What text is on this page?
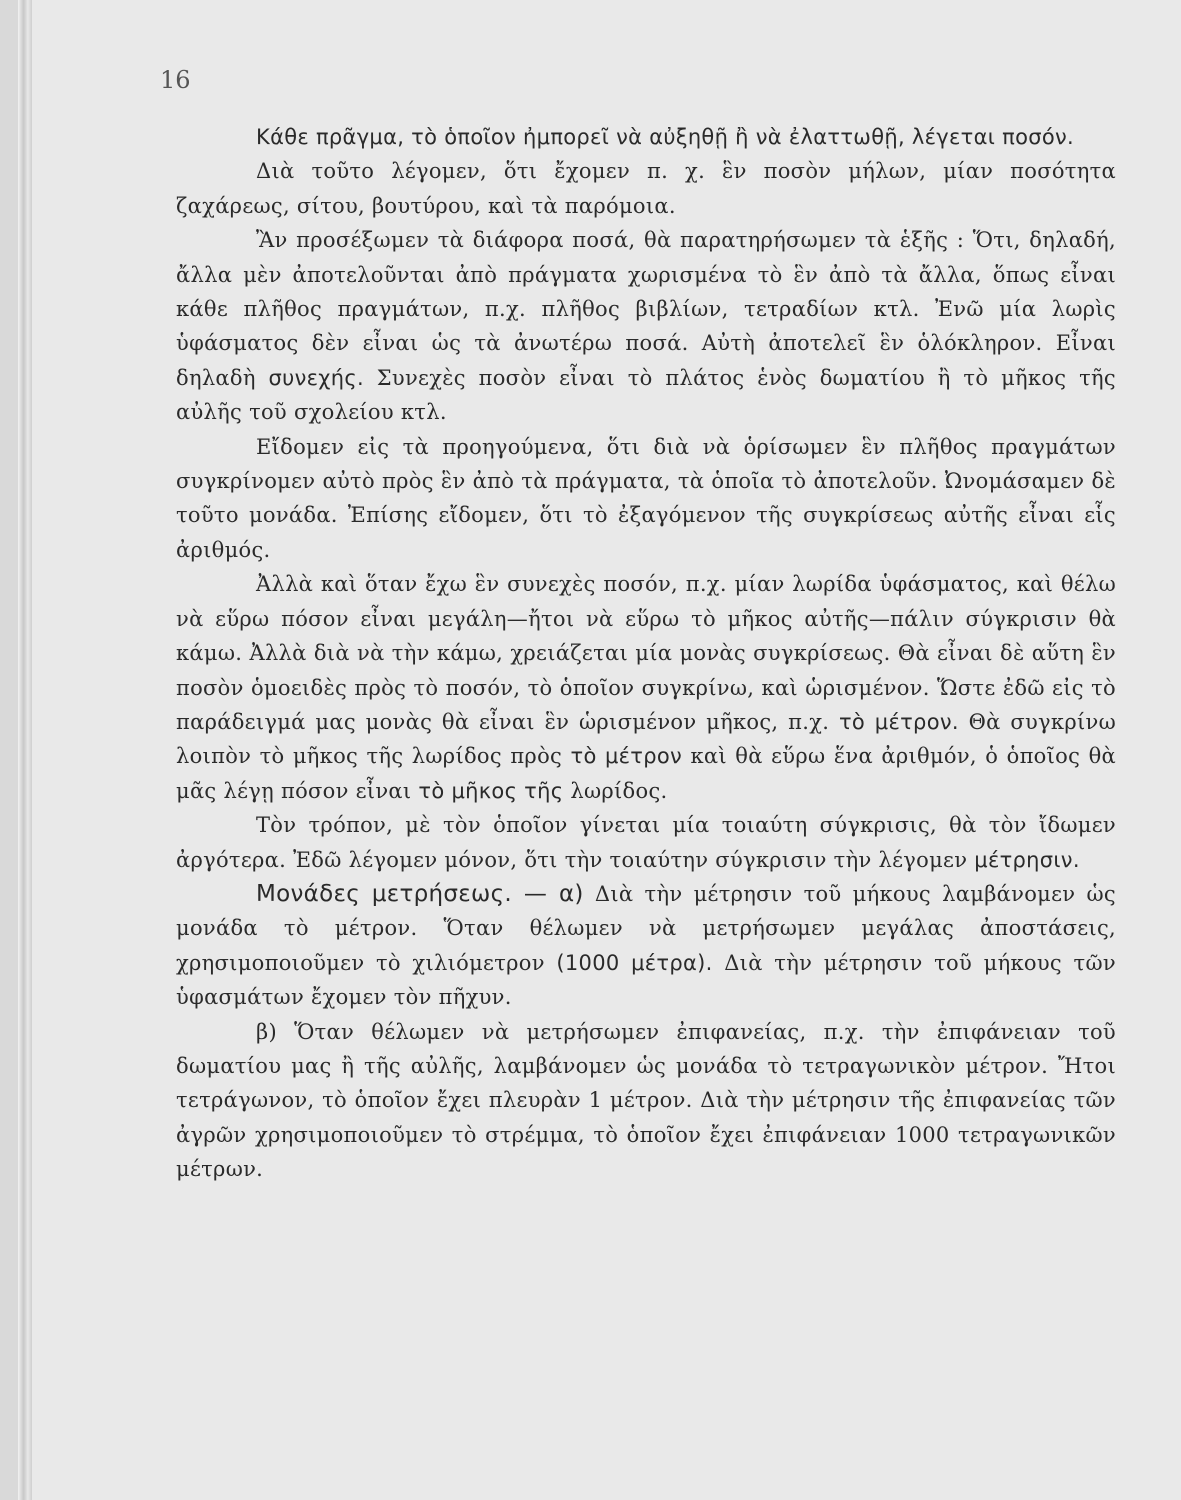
16

Κάθε πρᾶγμα, τὸ ὁποῖον ἠμπορεῖ νὰ αὐξηθῇ ἢ νὰ ἐλαττωθῇ, λέγεται ποσόν.

Διὰ τοῦτο λέγομεν, ὅτι ἔχομεν π. χ. ἓν ποσὸν μήλων, μίαν ποσότητα ζαχάρεως, σίτου, βουτύρου, καὶ τὰ παρόμοια.

Ἂν προσέξωμεν τὰ διάφορα ποσά, θὰ παρατηρήσωμεν τὰ ἑξῆς : Ὅτι, δηλαδή, ἄλλα μὲν ἀποτελοῦνται ἀπὸ πράγματα χωρισμένα τὸ ἓν ἀπὸ τὰ ἄλλα, ὅπως εἶναι κάθε πλῆθος πραγμάτων, π.χ. πλῆθος βιβλίων, τετραδίων κτλ. Ἐνῶ μία λωρὶς ὑφάσματος δὲν εἶναι ὡς τὰ ἀνωτέρω ποσά. Αὐτὴ ἀποτελεῖ ἓν ὁλόκληρον. Εἶναι δηλαδὴ συνεχής. Συνεχὲς ποσὸν εἶναι τὸ πλάτος ἑνὸς δωματίου ἢ τὸ μῆκος τῆς αὐλῆς τοῦ σχολείου κτλ.

Εἴδομεν εἰς τὰ προηγούμενα, ὅτι διὰ νὰ ὁρίσωμεν ἓν πλῆθος πραγμάτων συγκρίνομεν αὐτὸ πρὸς ἓν ἀπὸ τὰ πράγματα, τὰ ὁποῖα τὸ ἀποτελοῦν. Ὠνομάσαμεν δὲ τοῦτο μονάδα. Ἐπίσης εἴδομεν, ὅτι τὸ ἐξαγόμενον τῆς συγκρίσεως αὐτῆς εἶναι εἷς ἀριθμός.

Ἀλλὰ καὶ ὅταν ἔχω ἓν συνεχὲς ποσόν, π.χ. μίαν λωρίδα ὑφάσματος, καὶ θέλω νὰ εὕρω πόσον εἶναι μεγάλη—ἤτοι νὰ εὕρω τὸ μῆκος αὐτῆς—πάλιν σύγκρισιν θὰ κάμω. Ἀλλὰ διὰ νὰ τὴν κάμω, χρειάζεται μία μονὰς συγκρίσεως. Θὰ εἶναι δὲ αὕτη ἓν ποσὸν ὁμοειδὲς πρὸς τὸ ποσόν, τὸ ὁποῖον συγκρίνω, καὶ ὡρισμένον. Ὥστε ἐδῶ εἰς τὸ παράδειγμά μας μονὰς θὰ εἶναι ἓν ὡρισμένον μῆκος, π.χ. τὸ μέτρον. Θὰ συγκρίνω λοιπὸν τὸ μῆκος τῆς λωρίδος πρὸς τὸ μέτρον καὶ θὰ εὕρω ἕνα ἀριθμόν, ὁ ὁποῖος θὰ μᾶς λέγῃ πόσον εἶναι τὸ μῆκος τῆς λωρίδος.

Τὸν τρόπον, μὲ τὸν ὁποῖον γίνεται μία τοιαύτη σύγκρισις, θὰ τὸν ἴδωμεν ἀργότερα. Ἐδῶ λέγομεν μόνον, ὅτι τὴν τοιαύτην σύγκρισιν τὴν λέγομεν μέτρησιν.

Μονάδες μετρήσεως. — α) Διὰ τὴν μέτρησιν τοῦ μήκους λαμβάνομεν ὡς μονάδα τὸ μέτρον. Ὅταν θέλωμεν νὰ μετρήσωμεν μεγάλας ἀποστάσεις, χρησιμοποιοῦμεν τὸ χιλιόμετρον (1000 μέτρα). Διὰ τὴν μέτρησιν τοῦ μήκους τῶν ὑφασμάτων ἔχομεν τὸν πῆχυν.

β) Ὅταν θέλωμεν νὰ μετρήσωμεν ἐπιφανείας, π.χ. τὴν ἐπιφάνειαν τοῦ δωματίου μας ἢ τῆς αὐλῆς, λαμβάνομεν ὡς μονάδα τὸ τετραγωνικὸν μέτρον. Ἤτοι τετράγωνον, τὸ ὁποῖον ἔχει πλευρὰν 1 μέτρον. Διὰ τὴν μέτρησιν τῆς ἐπιφανείας τῶν ἀγρῶν χρησιμοποιοῦμεν τὸ στρέμμα, τὸ ὁποῖον ἔχει ἐπιφάνειαν 1000 τετραγωνικῶν μέτρων.
